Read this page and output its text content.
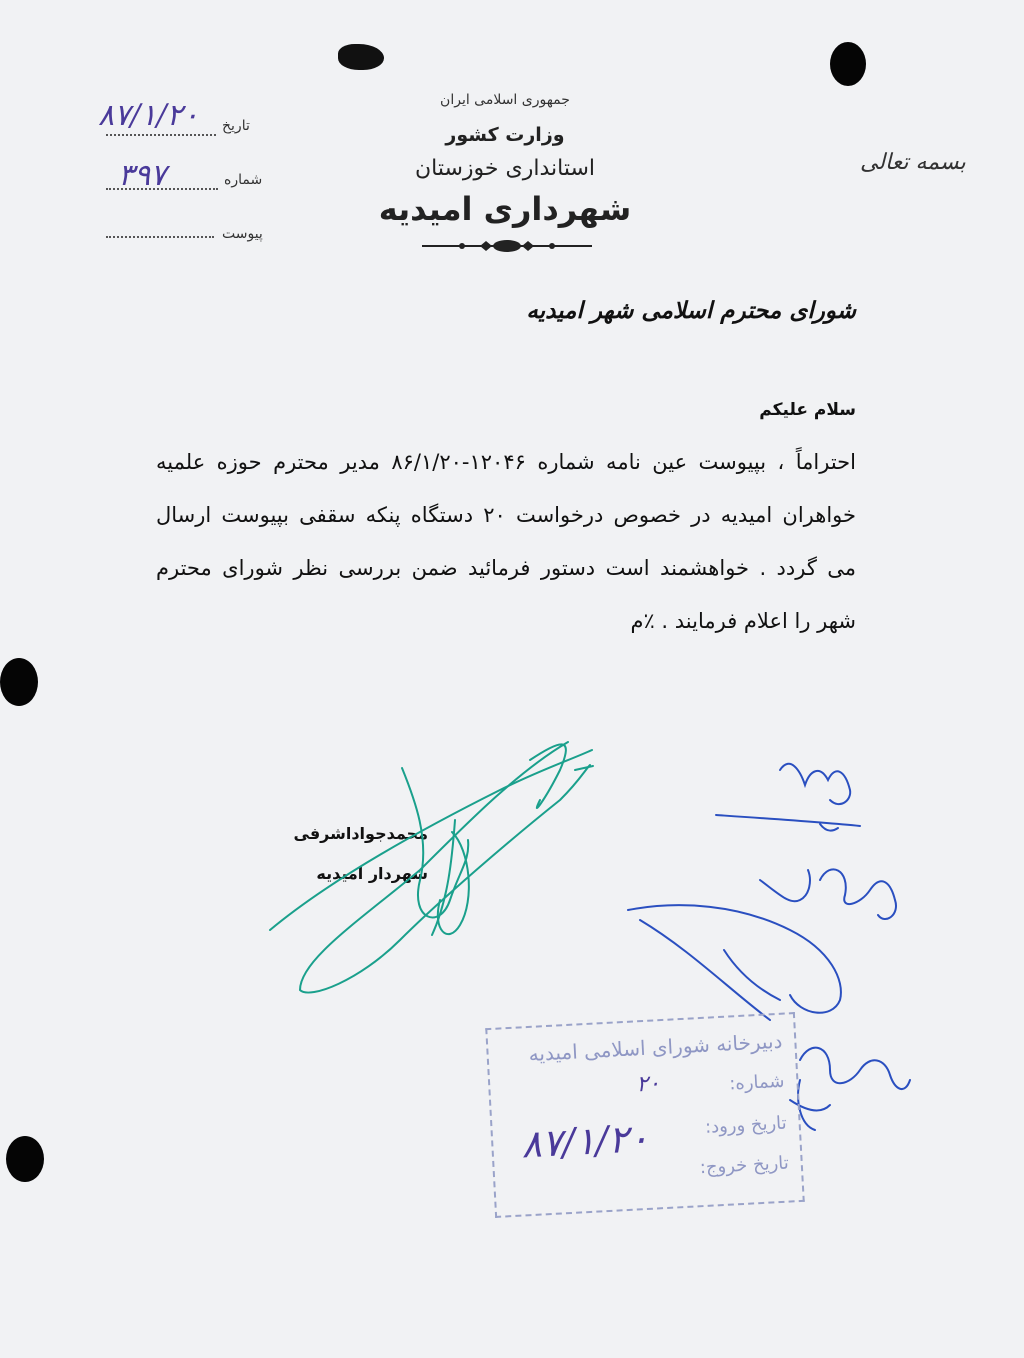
جمهوری اسلامی ایران
وزارت کشور
استانداری خوزستان
شهرداری امیدیه
بسمه تعالی
تاریخ
۸۷/۱/۲۰
شماره
۳۹۷
پیوست
شورای محترم اسلامی شهر امیدیه
سلام علیکم
احتراماً ، بپیوست عین نامه شماره ۱۲۰۴۶-۸۶/۱/۲۰ مدیر محترم حوزه علمیه خواهران امیدیه در خصوص درخواست ۲۰ دستگاه پنکه سقفی بپیوست ارسال می گردد . خواهشمند است دستور فرمائید ضمن بررسی نظر شورای محترم شهر را اعلام فرمایند . ٪م
محمدجواداشرفی
شهردار امیدیه
دبیرخانه شورای اسلامی امیدیه
شماره:
تاریخ ورود:
تاریخ خروج:
۲۰
۸۷/۱/۲۰
